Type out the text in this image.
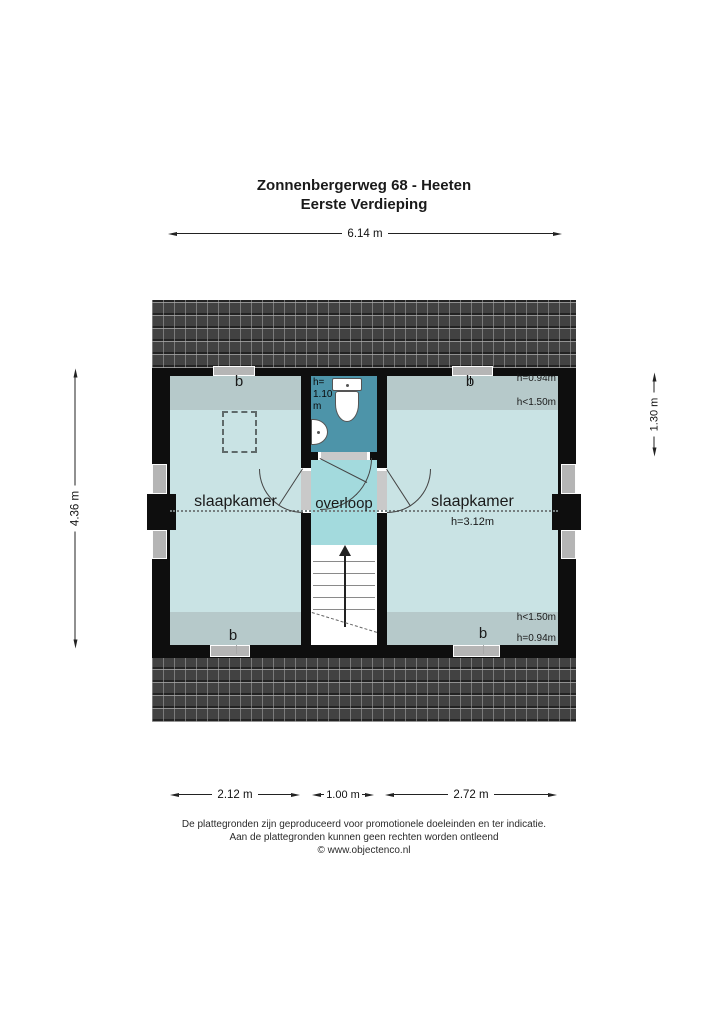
Zonnenbergerweg 68 - Heeten
Eerste Verdieping
6.14 m
4.36 m
1.30 m
slaapkamer	slaapkamer
h=3.12m
overloop
h=
1.10
m
b	b
b	b
h=0.94m
h<1.50m
h<1.50m
h=0.94m
2.12 m	1.00 m	2.72 m
De plattegronden zijn geproduceerd voor promotionele doeleinden en ter indicatie.
Aan de plattegronden kunnen geen rechten worden ontleend
© www.objectenco.nl
